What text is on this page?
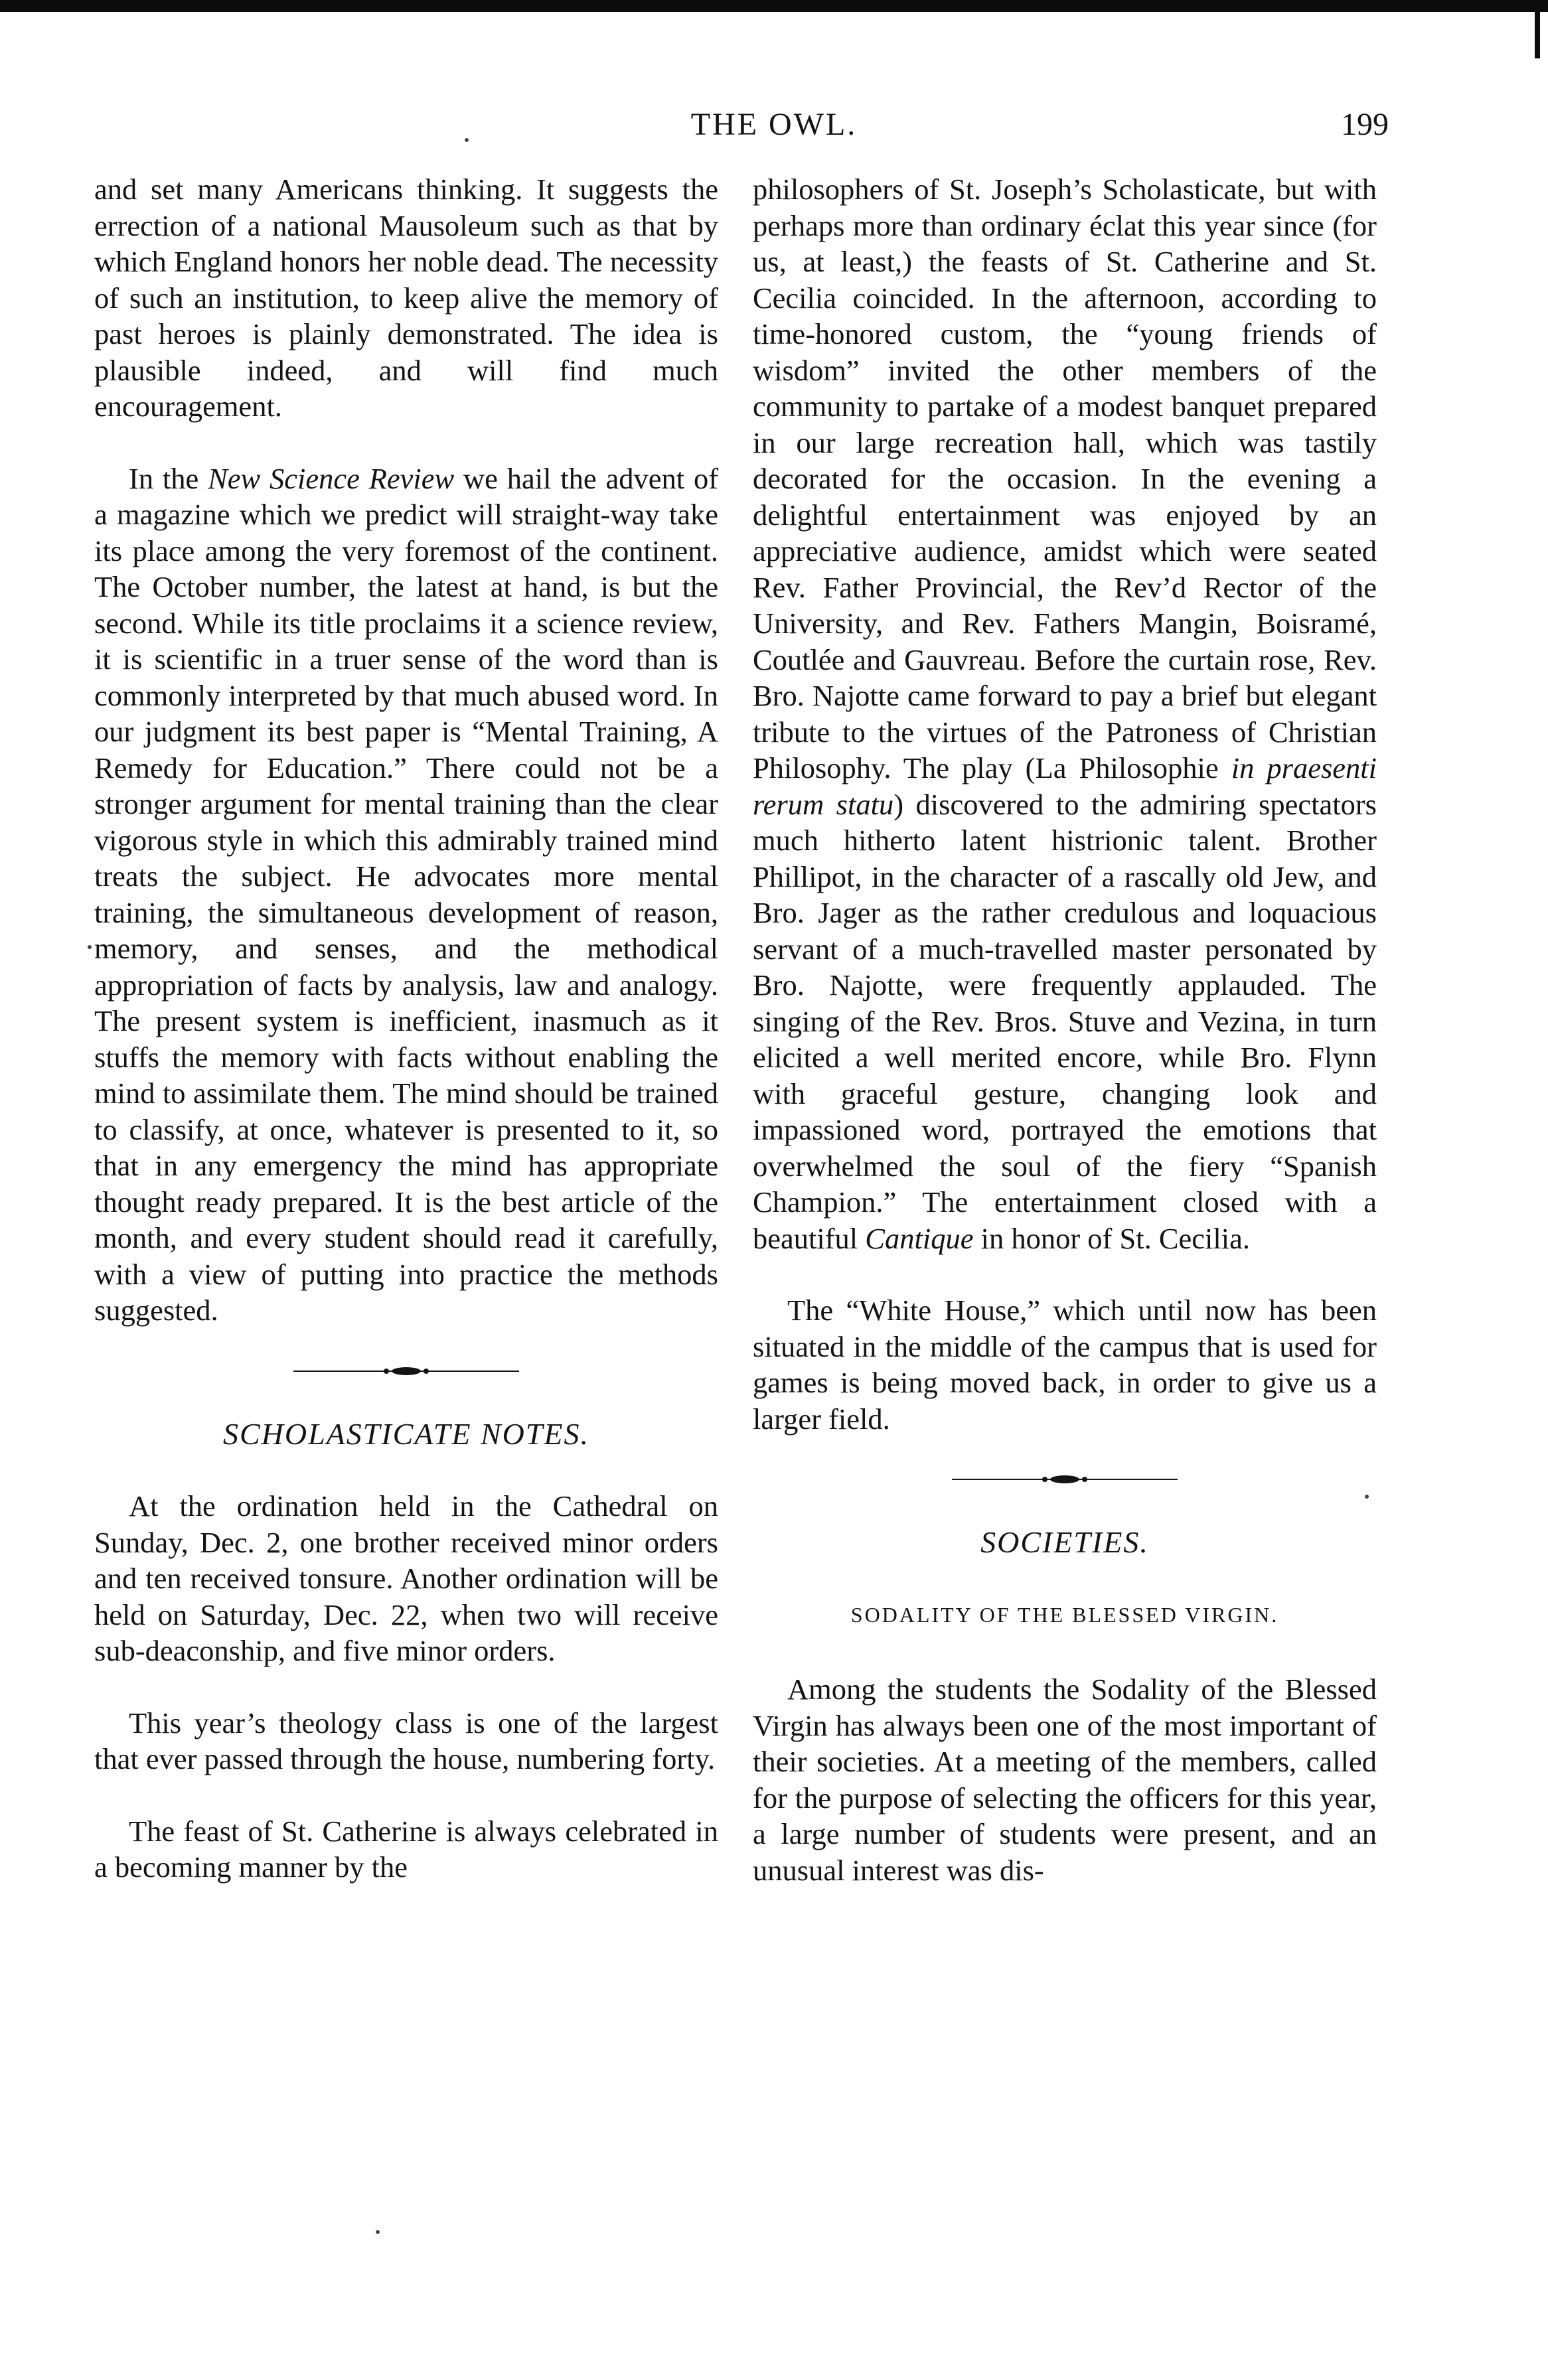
THE OWL.	199

and set many Americans thinking. It suggests the errection of a national Mausoleum such as that by which England honors her noble dead. The necessity of such an institution, to keep alive the memory of past heroes is plainly demonstrated. The idea is plausible indeed, and will find much encouragement.

In the New Science Review we hail the advent of a magazine which we predict will straight-way take its place among the very foremost of the continent. The October number, the latest at hand, is but the second. While its title proclaims it a science review, it is scientific in a truer sense of the word than is commonly interpreted by that much abused word. In our judgment its best paper is “Mental Training, A Remedy for Education.” There could not be a stronger argument for mental training than the clear vigorous style in which this admirably trained mind treats the subject. He advocates more mental training, the simultaneous development of reason, memory, and senses, and the methodical appropriation of facts by analysis, law and analogy. The present system is inefficient, inasmuch as it stuffs the memory with facts without enabling the mind to assimilate them. The mind should be trained to classify, at once, whatever is presented to it, so that in any emergency the mind has appropriate thought ready prepared. It is the best article of the month, and every student should read it carefully, with a view of putting into practice the methods suggested.

SCHOLASTICATE NOTES.

At the ordination held in the Cathedral on Sunday, Dec. 2, one brother received minor orders and ten received tonsure. Another ordination will be held on Saturday, Dec. 22, when two will receive sub-deaconship, and five minor orders.

This year’s theology class is one of the largest that ever passed through the house, numbering forty.

The feast of St. Catherine is always celebrated in a becoming manner by the

philosophers of St. Joseph’s Scholasticate, but with perhaps more than ordinary éclat this year since (for us, at least,) the feasts of St. Catherine and St. Cecilia coincided. In the afternoon, according to time-honored custom, the “young friends of wisdom” invited the other members of the community to partake of a modest banquet prepared in our large recreation hall, which was tastily decorated for the occasion. In the evening a delightful entertainment was enjoyed by an appreciative audience, amidst which were seated Rev. Father Provincial, the Rev’d Rector of the University, and Rev. Fathers Mangin, Boisramé, Coutlée and Gauvreau. Before the curtain rose, Rev. Bro. Najotte came forward to pay a brief but elegant tribute to the virtues of the Patroness of Christian Philosophy. The play (La Philosophie in praesenti rerum statu) discovered to the admiring spectators much hitherto latent histrionic talent. Brother Phillipot, in the character of a rascally old Jew, and Bro. Jager as the rather credulous and loquacious servant of a much-travelled master personated by Bro. Najotte, were frequently applauded. The singing of the Rev. Bros. Stuve and Vezina, in turn elicited a well merited encore, while Bro. Flynn with graceful gesture, changing look and impassioned word, portrayed the emotions that overwhelmed the soul of the fiery “Spanish Champion.” The entertainment closed with a beautiful Cantique in honor of St. Cecilia.

The “White House,” which until now has been situated in the middle of the campus that is used for games is being moved back, in order to give us a larger field.

SOCIETIES.
SODALITY OF THE BLESSED VIRGIN.

Among the students the Sodality of the Blessed Virgin has always been one of the most important of their societies. At a meeting of the members, called for the purpose of selecting the officers for this year, a large number of students were present, and an unusual interest was dis-
